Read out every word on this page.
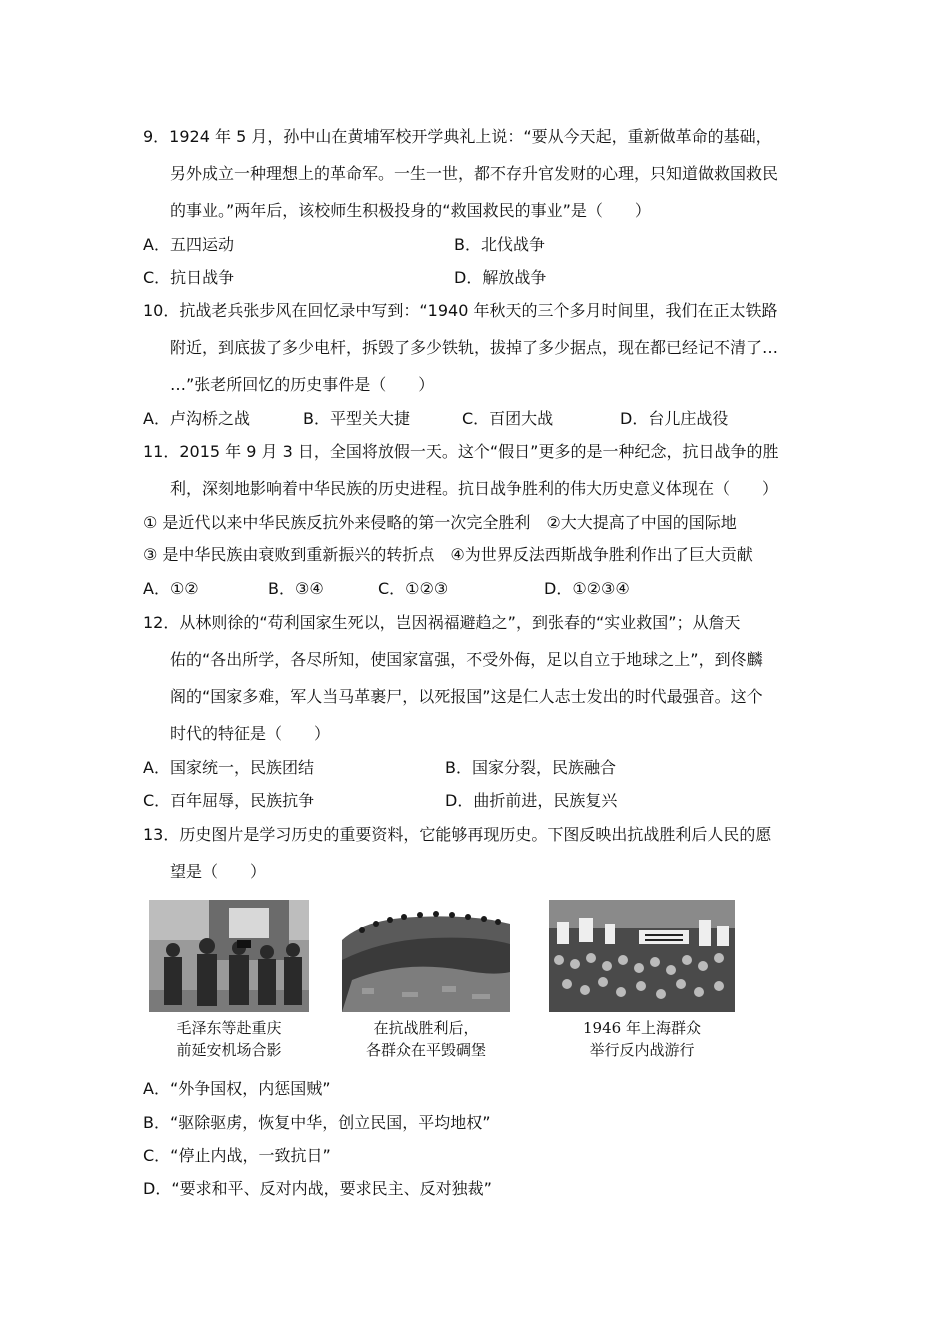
9．1924 年 5 月，孙中山在黄埔军校开学典礼上说：“要从今天起，重新做革命的基础，
另外成立一种理想上的革命军。一生一世，都不存升官发财的心理，只知道做救国救民
的事业。”两年后，该校师生积极投身的“救国救民的事业”是（　　）
A．五四运动	B．北伐战争
C．抗日战争	D．解放战争
10．抗战老兵张步风在回忆录中写到：“1940 年秋天的三个多月时间里，我们在正太铁路
附近，到底拔了多少电杆，拆毁了多少铁轨，拔掉了多少据点，现在都已经记不清了…
…”张老所回忆的历史事件是（　　）
A．卢沟桥之战	B．平型关大捷	C．百团大战	D．台儿庄战役
11．2015 年 9 月 3 日，全国将放假一天。这个“假日”更多的是一种纪念，抗日战争的胜
利，深刻地影响着中华民族的历史进程。抗日战争胜利的伟大历史意义体现在（　　）
① 是近代以来中华民族反抗外来侵略的第一次完全胜利　②大大提高了中国的国际地
③ 是中华民族由衰败到重新振兴的转折点　④为世界反法西斯战争胜利作出了巨大贡献
A．①②	B．③④	C．①②③	D．①②③④
12．从林则徐的“苟利国家生死以，岂因祸福避趋之”，到张春的“实业救国”；从詹天
佑的“各出所学，各尽所知，使国家富强，不受外侮，足以自立于地球之上”，到佟麟
阁的“国家多难，军人当马革裹尸，以死报国”这是仁人志士发出的时代最强音。这个
时代的特征是（　　）
A．国家统一，民族团结	B．国家分裂，民族融合
C．百年屈辱，民族抗争	D．曲折前进，民族复兴
13．历史图片是学习历史的重要资料，它能够再现历史。下图反映出抗战胜利后人民的愿
望是（　　）
毛泽东等赴重庆
前延安机场合影
在抗战胜利后，
各群众在平毁碉堡
1946 年上海群众
举行反内战游行
A．“外争国权，内惩国贼”
B．“驱除驱虏，恢复中华，创立民国，平均地权”
C．“停止内战，一致抗日”
D．“要求和平、反对内战，要求民主、反对独裁”
